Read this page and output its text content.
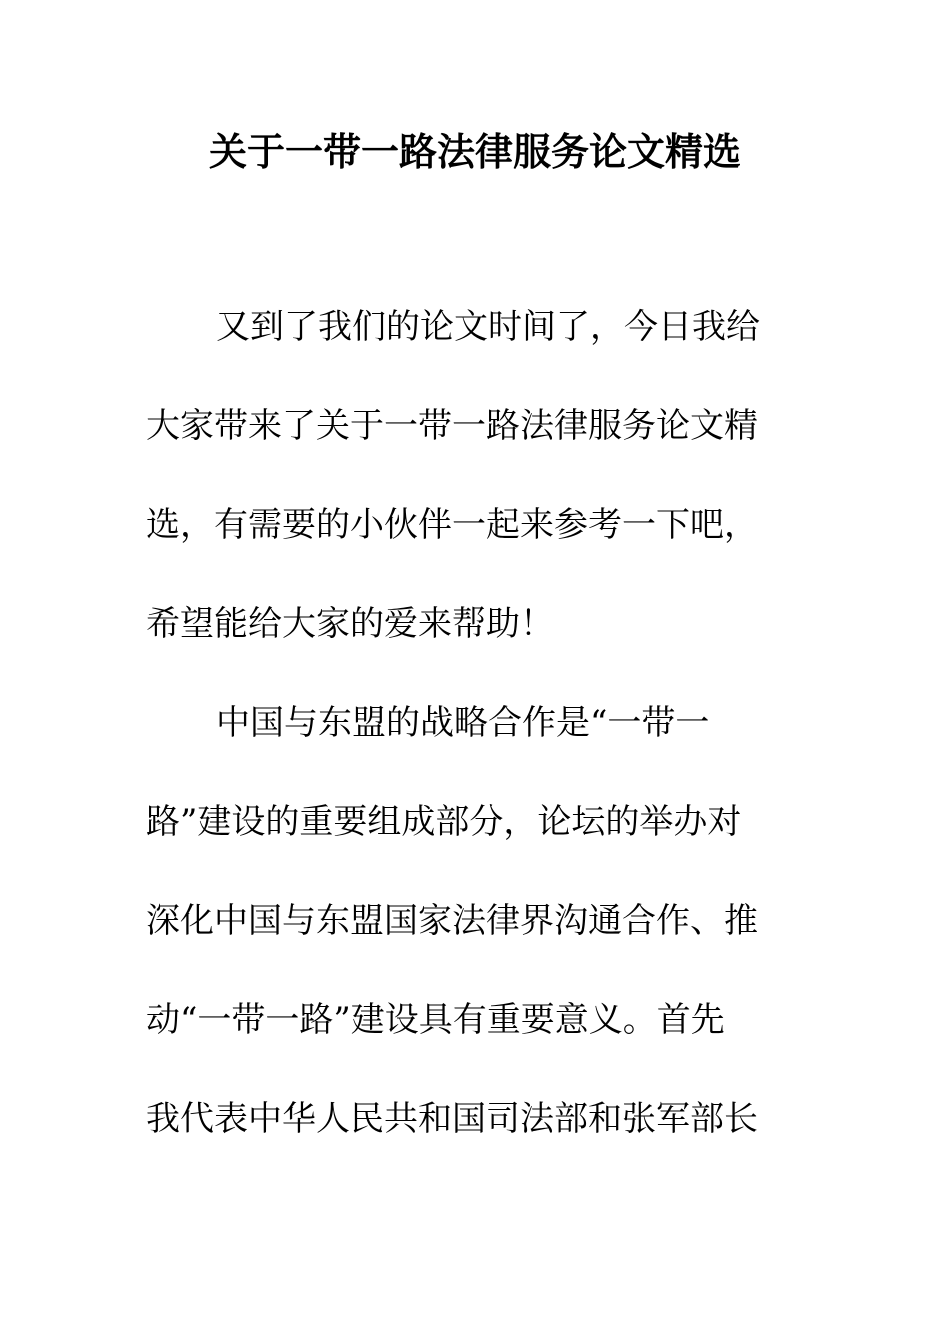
关于一带一路法律服务论文精选
又到了我们的论文时间了，今日我给
大家带来了关于一带一路法律服务论文精
选，有需要的小伙伴一起来参考一下吧，
希望能给大家的爱来帮助！
中国与东盟的战略合作是“一带一
路”建设的重要组成部分，论坛的举办对
深化中国与东盟国家法律界沟通合作、推
动“一带一路”建设具有重要意义。首先
我代表中华人民共和国司法部和张军部长
